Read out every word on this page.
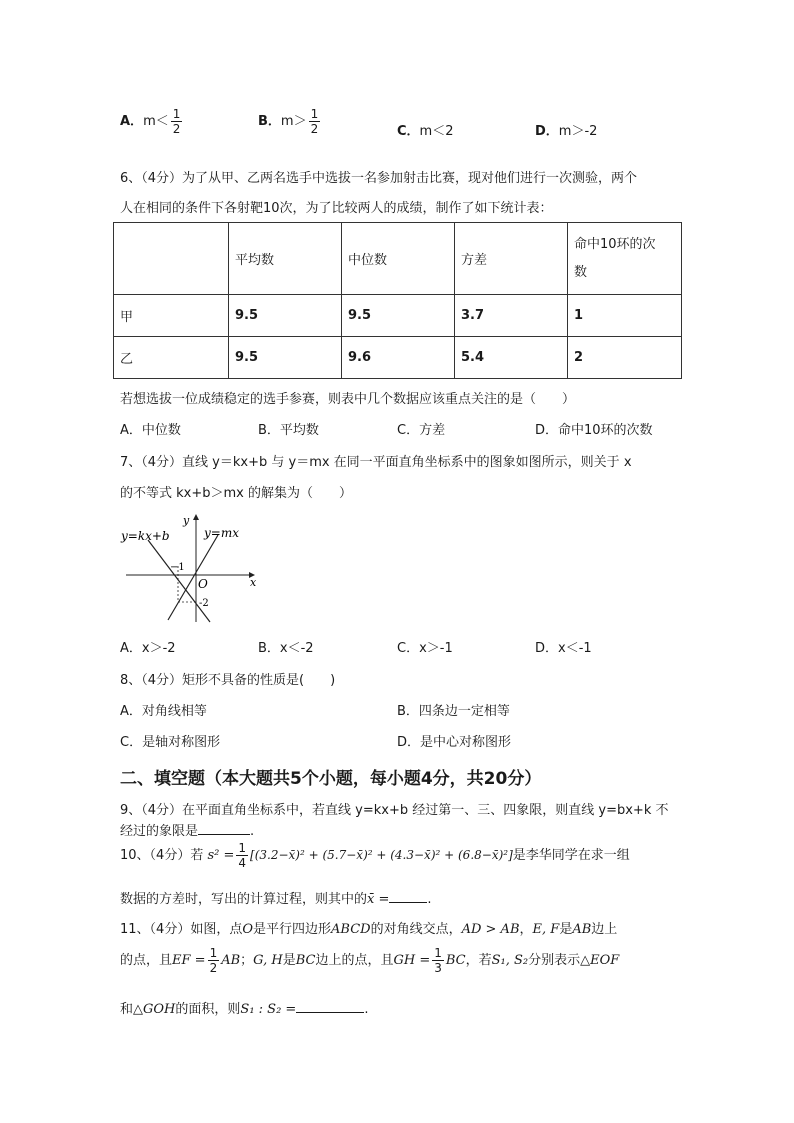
A．$m< \frac{1}{2}$	B．$m> \frac{1}{2}$	C．m＜2	D．m＞-2
6、（4分）为了从甲、乙两名选手中选拔一名参加射击比赛，现对他们进行一次测验，两个
人在相同的条件下各射靶10次，为了比较两人的成绩，制作了如下统计表：
	平均数	中位数	方差	命中10环的次
数
甲	9.5	9.5	3.7	1
乙	9.5	9.6	5.4	2
若想选拔一位成绩稳定的选手参赛，则表中几个数据应该重点关注的是（　　）
A．中位数	B．平均数	C．方差	D．命中10环的次数
7、（4分）直线 y＝kx+b 与 y＝mx 在同一平面直角坐标系中的图象如图所示，则关于 x
的不等式 kx+b＞mx 的解集为（　　）
y=kx+b	y=mx
y
x
O
−1
-2
A．x＞-2	B．x＜-2	C．x＞-1	D．x＜-1
8、（4分）矩形不具备的性质是(　　)
A．对角线相等	B．四条边一定相等
C．是轴对称图形	D．是中心对称图形
二、填空题（本大题共5个小题，每小题4分，共20分）
9、（4分）在平面直角坐标系中，若直线 y=kx+b 经过第一、三、四象限，则直线 y=bx+k 不
经过的象限是	.
10、（4分）若 $s^2 = \frac{1}{4}$ [(3.2−x̄)² + (5.7−x̄)² + (4.3−x̄)² + (6.8−x̄)²]是李华同学在求一组
数据的方差时，写出的计算过程，则其中的x̄ =	.
11、（4分）如图，点O是平行四边形ABCD的对角线交点，AD > AB，E, F是AB边上
的点，且EF = $\frac{1}{2}$ AB；G, H是BC边上的点，且GH = $\frac{1}{3}$ BC，若S₁, S₂分别表示△EOF
和△GOH的面积，则S₁ : S₂ =	.
